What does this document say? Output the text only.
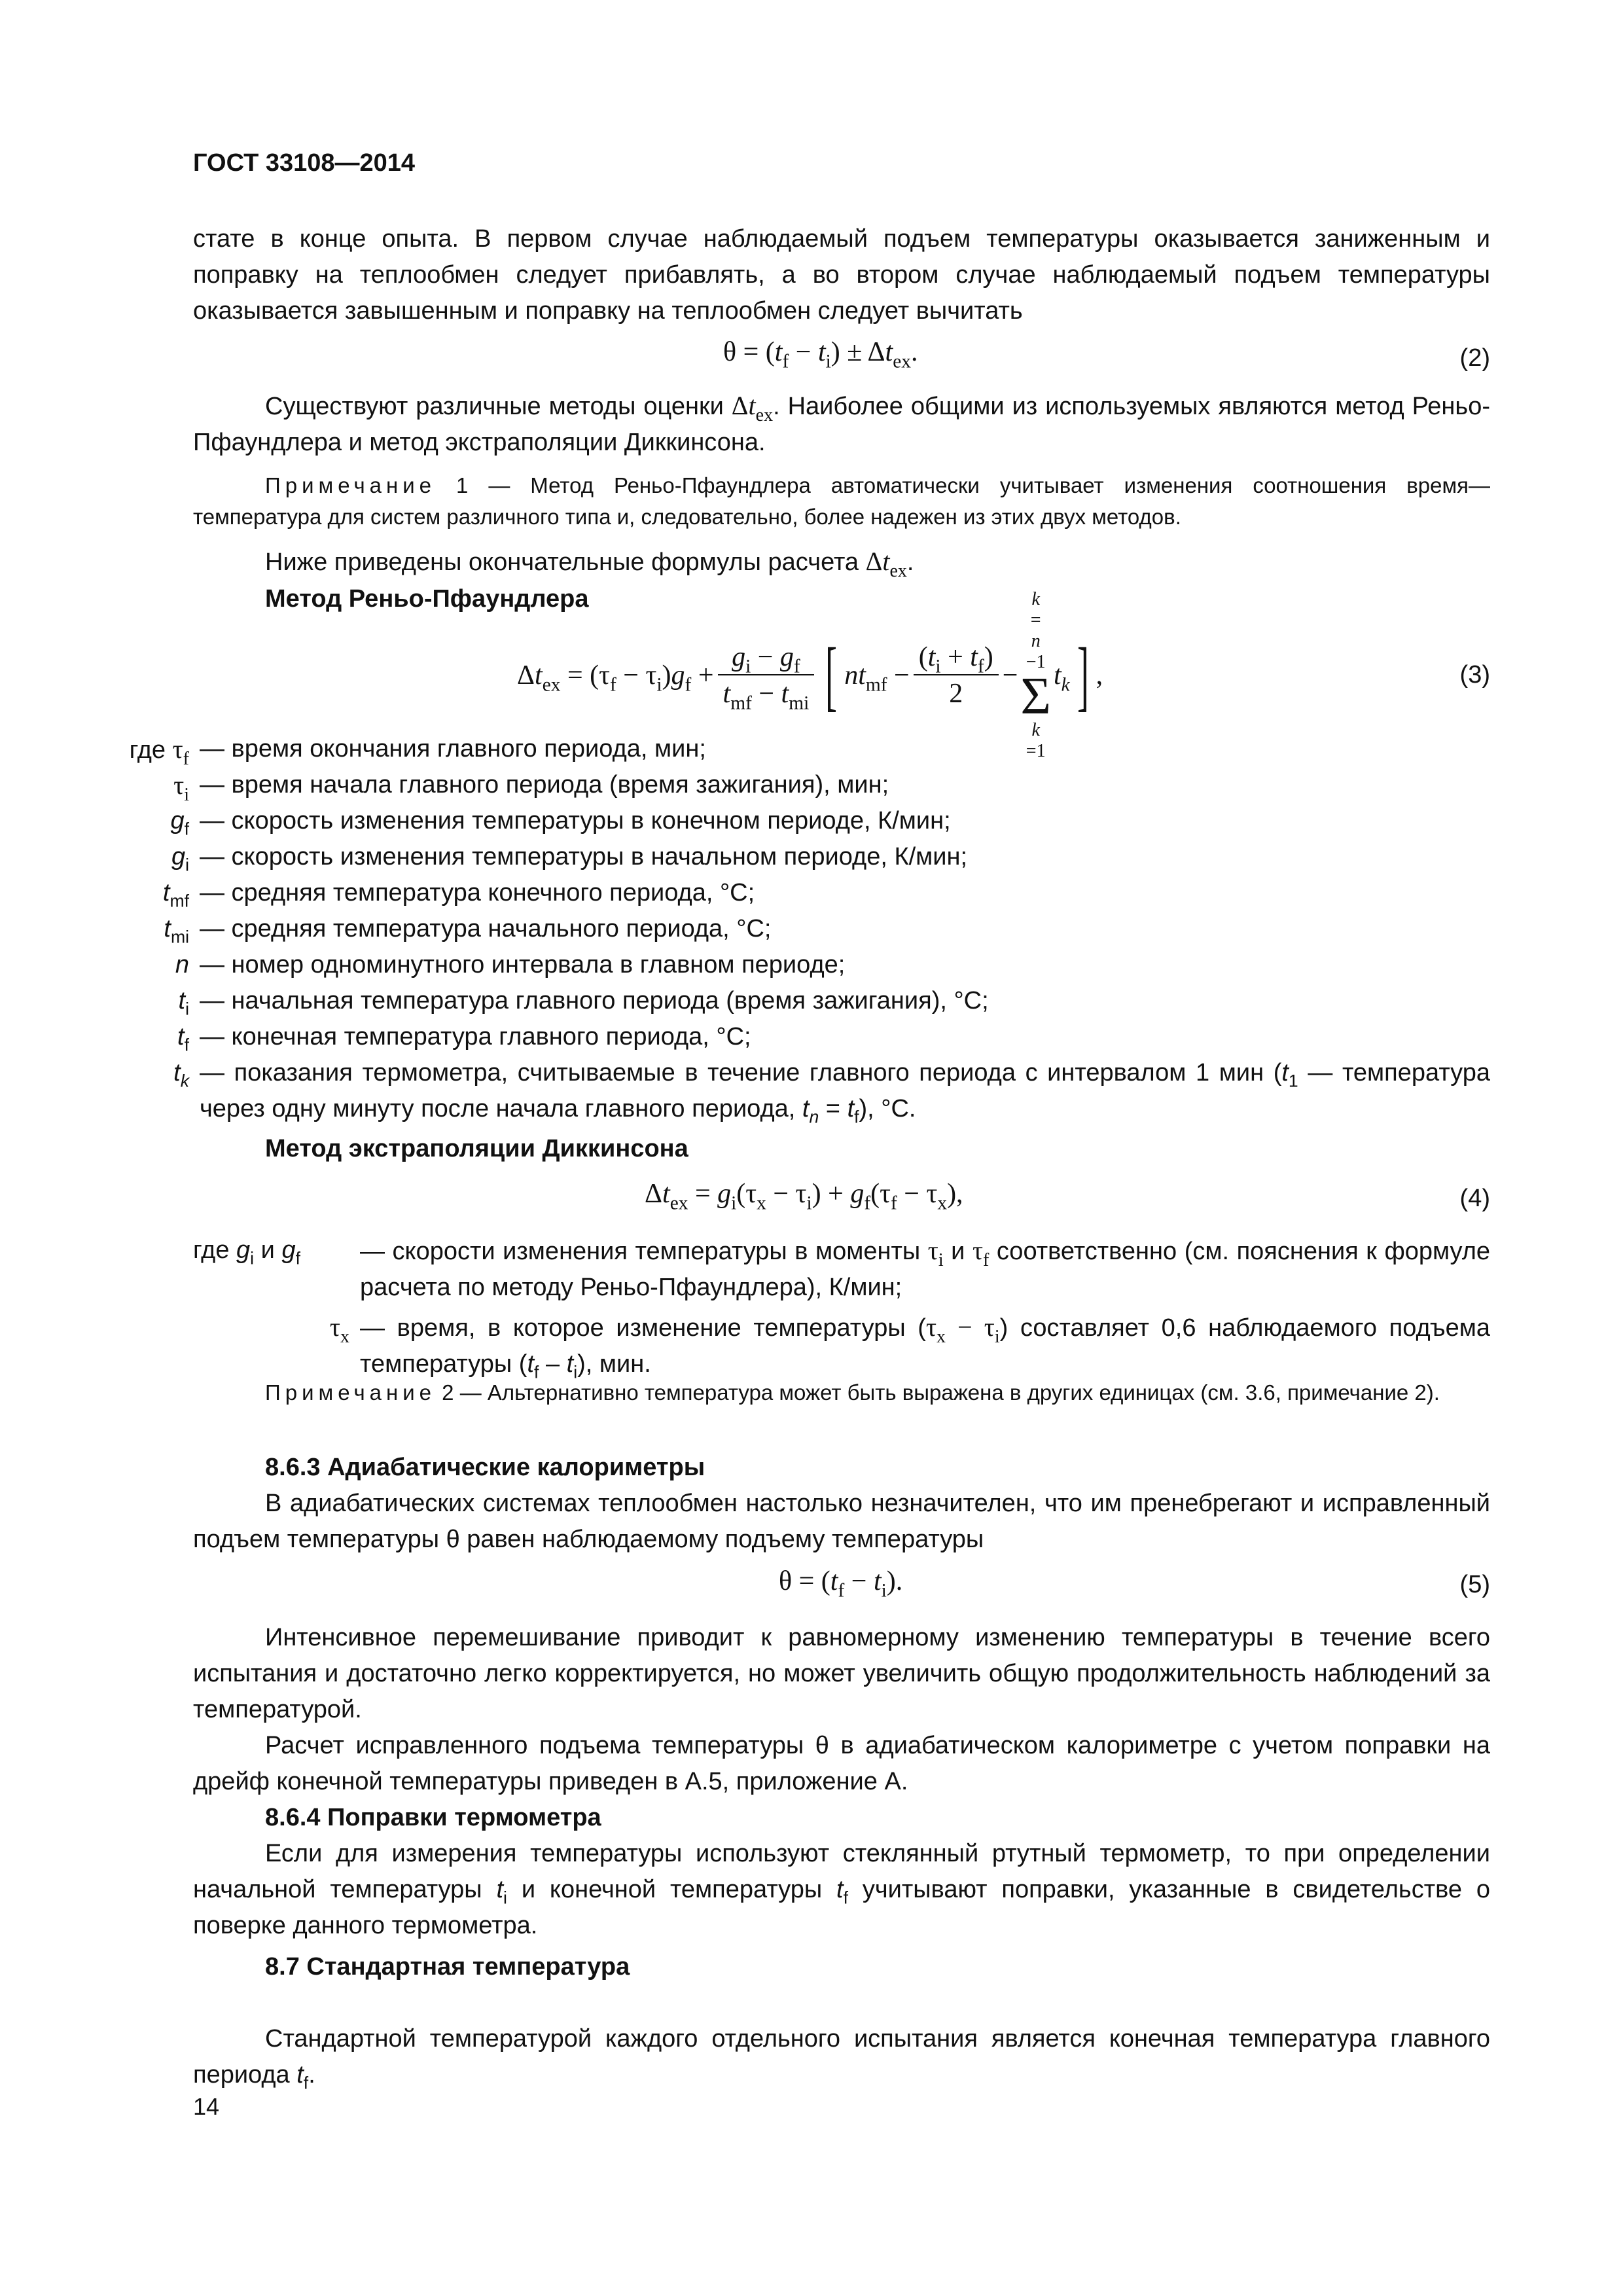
ГОСТ 33108—2014
стате в конце опыта. В первом случае наблюдаемый подъем температуры оказывается заниженным и поправку на теплообмен следует прибавлять, а во втором случае наблюдаемый подъем температуры оказывается завышенным и поправку на теплообмен следует вычитать
$\theta = (t_f - t_i) \pm \Delta t_{ex}$.	(2)
Существуют различные методы оценки $\Delta t_{ex}$. Наиболее общими из используемых являются метод Реньо-Пфаундлера и метод экстраполяции Диккинсона.
Примечание 1 — Метод Реньо-Пфаундлера автоматически учитывает изменения соотношения время—температура для систем различного типа и, следовательно, более надежен из этих двух методов.
Ниже приведены окончательные формулы расчета $\Delta t_{ex}$.
Метод Реньо-Пфаундлера
$\Delta t_{ex} = (\tau_f - \tau_i)g_f + \frac{g_i - g_f}{t_{mf} - t_{mi}}$ [ $nt_{mf} - \frac{(t_i + t_f)}{2}$ −
k
=
n
−1
Σ
k
=1
$t_k$ ] ,	(3)
где $\tau_f$ — время окончания главного периода, мин;
$\tau_i$ — время начала главного периода (время зажигания), мин;
$g_f$ — скорость изменения температуры в конечном периоде, К/мин;
$g_i$ — скорость изменения температуры в начальном периоде, К/мин;
$t_{mf}$ — средняя температура конечного периода, °С;
$t_{mi}$ — средняя температура начального периода, °С;
n — номер одноминутного интервала в главном периоде;
$t_i$ — начальная температура главного периода (время зажигания), °С;
$t_f$ — конечная температура главного периода, °С;
$t_k$ — показания термометра, считываемые в течение главного периода с интервалом 1 мин ($t_1$ — температура через одну минуту после начала главного периода, $t_n = t_f$), °С.
Метод экстраполяции Диккинсона
$\Delta t_{ex} = g_i(\tau_x - \tau_i) + g_f(\tau_f - \tau_x)$,	(4)
где $g_i$ и $g_f$	— скорости изменения температуры в моменты $\tau_i$ и $\tau_f$ соответственно (см. пояснения к формуле расчета по методу Реньо-Пфаундлера), К/мин;
$\tau_x$ — время, в которое изменение температуры $(\tau_x - \tau_i)$ составляет 0,6 наблюдаемого подъема температуры $(t_f - t_i)$, мин.
Примечание 2 — Альтернативно температура может быть выражена в других единицах (см. 3.6, примечание 2).
8.6.3 Адиабатические калориметры
В адиабатических системах теплообмен настолько незначителен, что им пренебрегают и исправленный подъем температуры θ равен наблюдаемому подъему температуры
$\theta = (t_f - t_i)$.	(5)
Интенсивное перемешивание приводит к равномерному изменению температуры в течение всего испытания и достаточно легко корректируется, но может увеличить общую продолжительность наблюдений за температурой.
Расчет исправленного подъема температуры θ в адиабатическом калориметре с учетом поправки на дрейф конечной температуры приведен в А.5, приложение А.
8.6.4 Поправки термометра
Если для измерения температуры используют стеклянный ртутный термометр, то при определении начальной температуры $t_i$ и конечной температуры $t_f$ учитывают поправки, указанные в свидетельстве о поверке данного термометра.
8.7 Стандартная температура
Стандартной температурой каждого отдельного испытания является конечная температура главного периода $t_f$.
14
